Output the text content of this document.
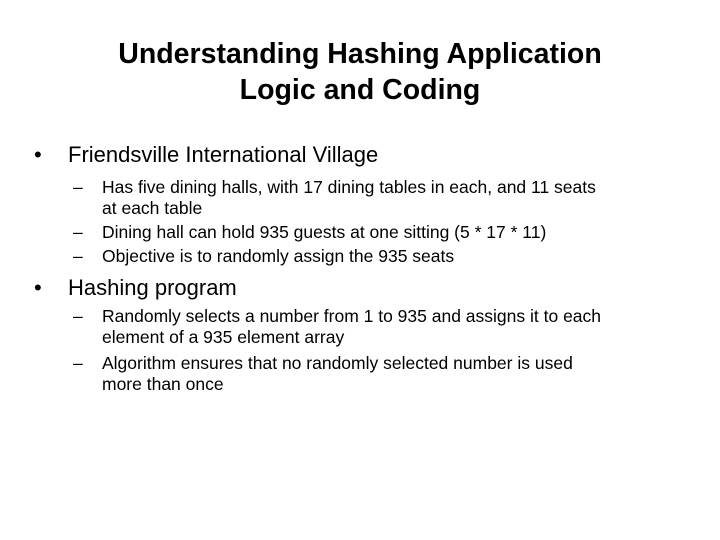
Understanding Hashing Application
Logic and Coding
• Friendsville International Village
– Has five dining halls, with 17 dining tables in each, and 11 seats
at each table
– Dining hall can hold 935 guests at one sitting (5 * 17 * 11)
– Objective is to randomly assign the 935 seats
• Hashing program
– Randomly selects a number from 1 to 935 and assigns it to each
element of a 935 element array
– Algorithm ensures that no randomly selected number is used
more than once
